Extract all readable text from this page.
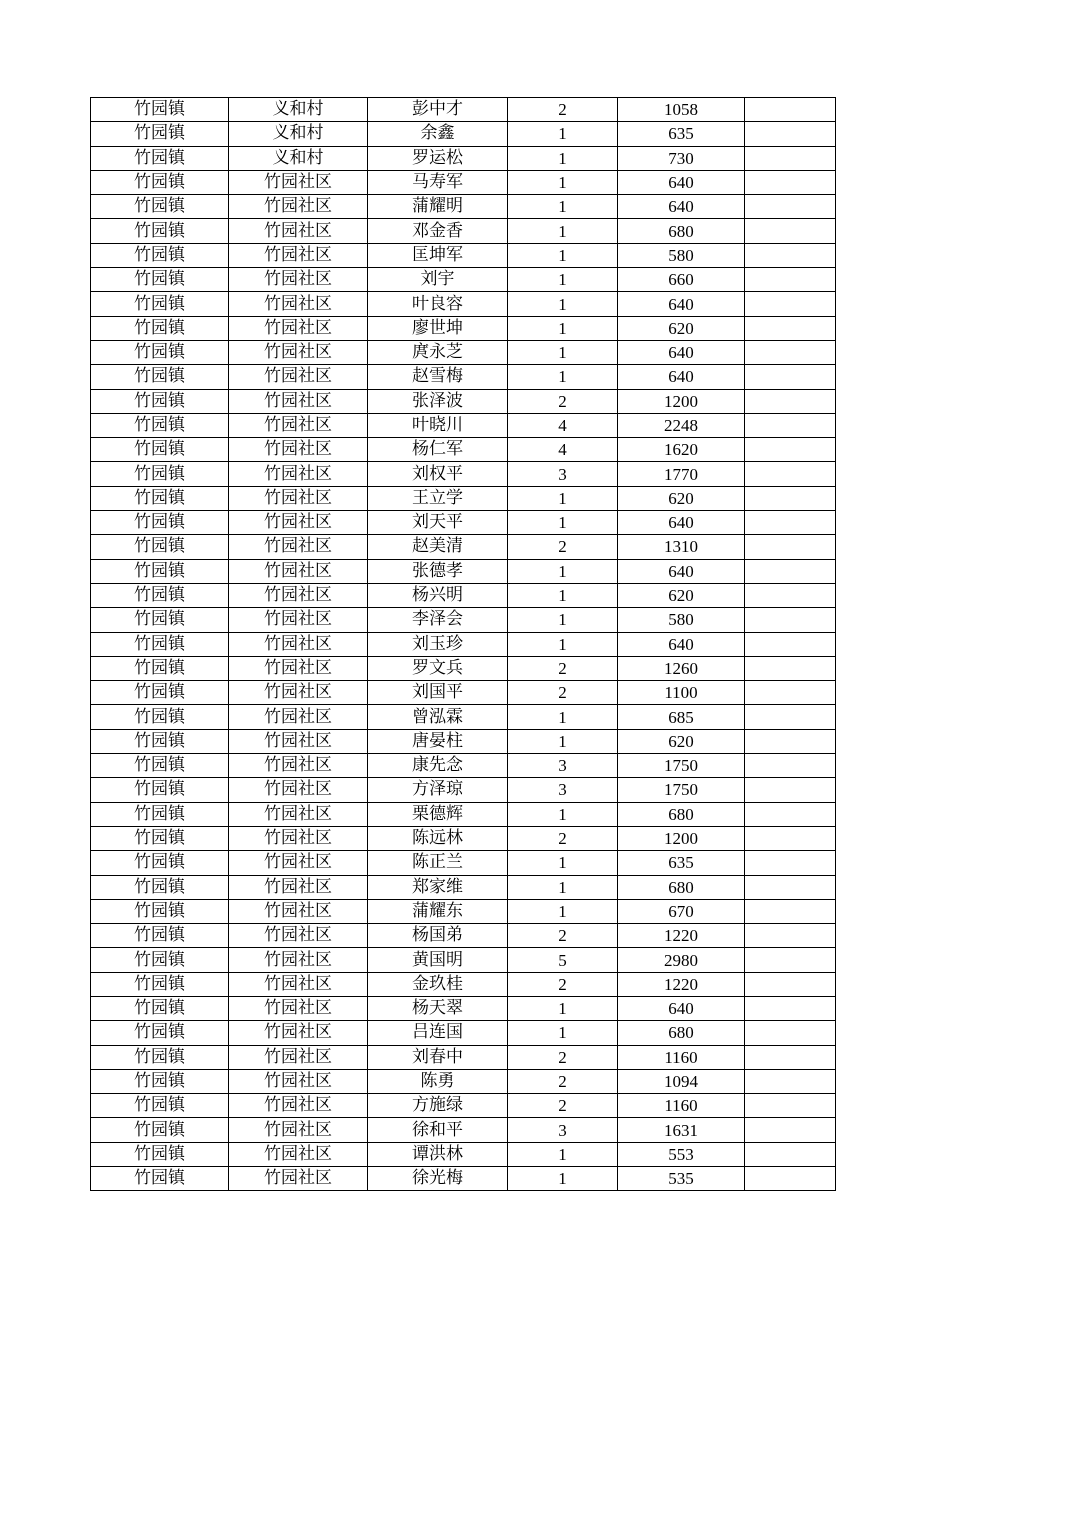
竹园镇	义和村	彭中才	2	1058	
竹园镇	义和村	余鑫	1	635	
竹园镇	义和村	罗运松	1	730	
竹园镇	竹园社区	马寿军	1	640	
竹园镇	竹园社区	蒲耀明	1	640	
竹园镇	竹园社区	邓金香	1	680	
竹园镇	竹园社区	匡坤军	1	580	
竹园镇	竹园社区	刘宇	1	660	
竹园镇	竹园社区	叶良容	1	640	
竹园镇	竹园社区	廖世坤	1	620	
竹园镇	竹园社区	庹永芝	1	640	
竹园镇	竹园社区	赵雪梅	1	640	
竹园镇	竹园社区	张泽波	2	1200	
竹园镇	竹园社区	叶晓川	4	2248	
竹园镇	竹园社区	杨仁军	4	1620	
竹园镇	竹园社区	刘权平	3	1770	
竹园镇	竹园社区	王立学	1	620	
竹园镇	竹园社区	刘天平	1	640	
竹园镇	竹园社区	赵美清	2	1310	
竹园镇	竹园社区	张德孝	1	640	
竹园镇	竹园社区	杨兴明	1	620	
竹园镇	竹园社区	李泽会	1	580	
竹园镇	竹园社区	刘玉珍	1	640	
竹园镇	竹园社区	罗文兵	2	1260	
竹园镇	竹园社区	刘国平	2	1100	
竹园镇	竹园社区	曾泓霖	1	685	
竹园镇	竹园社区	唐晏柱	1	620	
竹园镇	竹园社区	康先念	3	1750	
竹园镇	竹园社区	方泽琼	3	1750	
竹园镇	竹园社区	栗德辉	1	680	
竹园镇	竹园社区	陈远林	2	1200	
竹园镇	竹园社区	陈正兰	1	635	
竹园镇	竹园社区	郑家维	1	680	
竹园镇	竹园社区	蒲耀东	1	670	
竹园镇	竹园社区	杨国弟	2	1220	
竹园镇	竹园社区	黄国明	5	2980	
竹园镇	竹园社区	金玖桂	2	1220	
竹园镇	竹园社区	杨天翠	1	640	
竹园镇	竹园社区	吕连国	1	680	
竹园镇	竹园社区	刘春中	2	1160	
竹园镇	竹园社区	陈勇	2	1094	
竹园镇	竹园社区	方施绿	2	1160	
竹园镇	竹园社区	徐和平	3	1631	
竹园镇	竹园社区	谭洪林	1	553	
竹园镇	竹园社区	徐光梅	1	535	
